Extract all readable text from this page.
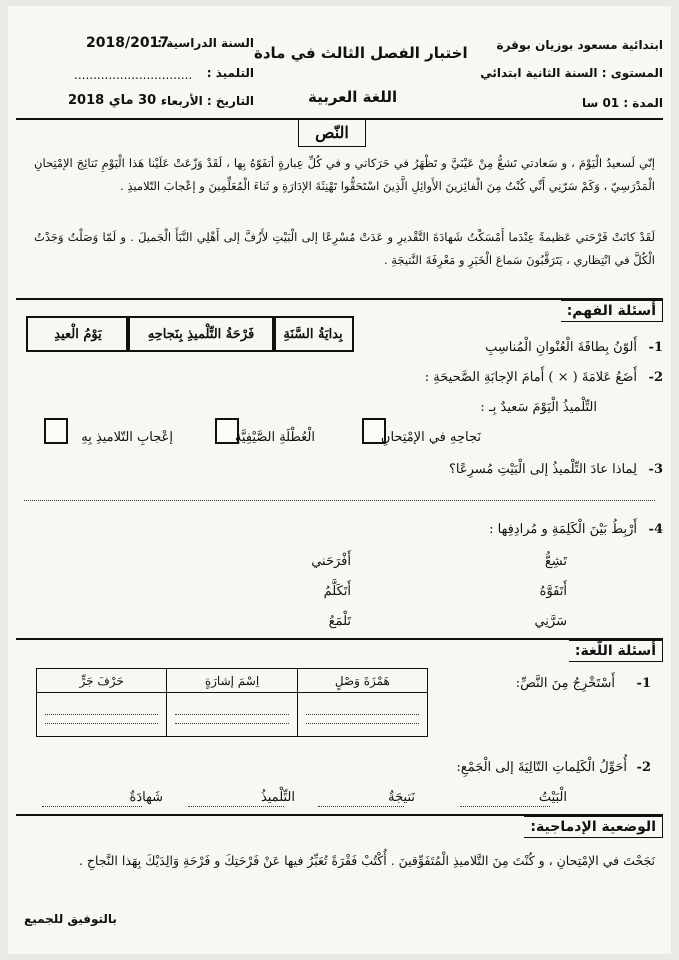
ابتدائية مسعود بوزيان بوقرة
المستوى : السنة الثانية ابتدائي
المدة : 01 سا
اختبار الفصل الثالث في مادة
اللغة العربية
السنة الدراسية :
2018/2017
التلميذ :
...............................
التاريخ : الأربعاء
30 ماي 2018
النّص
إنّي لَسعيدُ الْيَوْمَ ، و سَعادتي تَشعُّ مِنْ عَيْنَيَّ و تَظْهَرُ في حَرَكاتي و في كُلِّ عِبارةٍ أتفَوّهُ بِها ، لَقَدْ وَزّعَتْ عَلَيْنا هَذا الْيَوْمِ نَتائِجَ الإمْتِحانِ الْمَدْرَسِيّ ، وَكَمْ سَرّنِي أَنِّي كُنْتُ مِنَ الْفائِزينَ الأَوائِلِ الَّذِينَ اسْتَحَقُّوا تَهْنِئَةَ الإدَارَةِ و ثَناءَ الْمُعَلِّمِينَ و إعْجابَ التّلاميذِ .
لَقَدْ كانَتْ فَرْحَتي عَظيمةً عِنْدَما أَمْسَكْتُ شَهادَةَ التَّقْديرِ و عَدَتْ مُسْرِعًا إلى الْبَيْتِ لأَزُفَّ إلى أَهْلِي النَّبَأَ الْجَميلَ . و لَمّا وَصَلْتُ وَجَدْتُ الْكُلَّ في انْتِظاري ، يَتَرَقَّبُونَ سَماعَ الْخَبَرِ و مَعْرِفَةَ النَّتيجَةِ .
أسئلة الفهم:
1-
أَلوّنُ بِطاقَةَ الْعُنْوانِ الْمُناسِبِ
بِدايَةُ السَّنَةِ
فَرْحَةُ التِّلْميذِ بِنَجاحِهِ
يَوْمُ الْعيدِ
2-
أَضَعُ عَلامَةَ ( × ) أَمامَ الإجابَةِ الصَّحيحَةِ :
التِّلْميذُ الْيَوْمَ سَعيدٌ بِـ :
نَجاحِهِ في الإمْتِحانِ
الْعُطْلَةِ الصَّيْفِيَّةِ
إعْجابِ التّلاميذِ بِهِ
3-
لِماذا عادَ التِّلْميذُ إلى الْبَيْتِ مُسرِعًا؟
4-
أَرْبِطُ بَيْنَ الْكَلِمَةِ و مُرادِفِها :
تَشِعُّ
أَتَفَوَّهُ
سَرَّنِي
أَفْرَحَني
أَتَكَلَّمُ
تَلْمَعُ
أسئلة اللّغة:
1-
أَسْتَخْرِجُ مِنَ النَّصِّ:
هَمْزَةَ وَصْلٍ	اِسْمَ إشارَةٍ	حَرْفَ جَرٍّ

2-
أُحَوِّلُ الْكَلِماتِ التّالِيَةَ إلى الْجَمْعِ:
الْبَيْتُ
نَتيجَةٌ
التِّلْميذُ
شَهادَةٌ
الوضعية الإدماجية:
نَجَحْتَ في الإمْتِحانِ ، و كُنْتَ مِنَ التَّلاميذِ الْمُتَفَوِّقينَ . أُكْتُبْ فَقْرَةً تُعَبِّرُ فيها عَنْ فَرْحَتِكَ و فَرْحَةِ وَالِدَيْكَ بِهَذا النَّجاحِ .
بالتوفيق للجميع
